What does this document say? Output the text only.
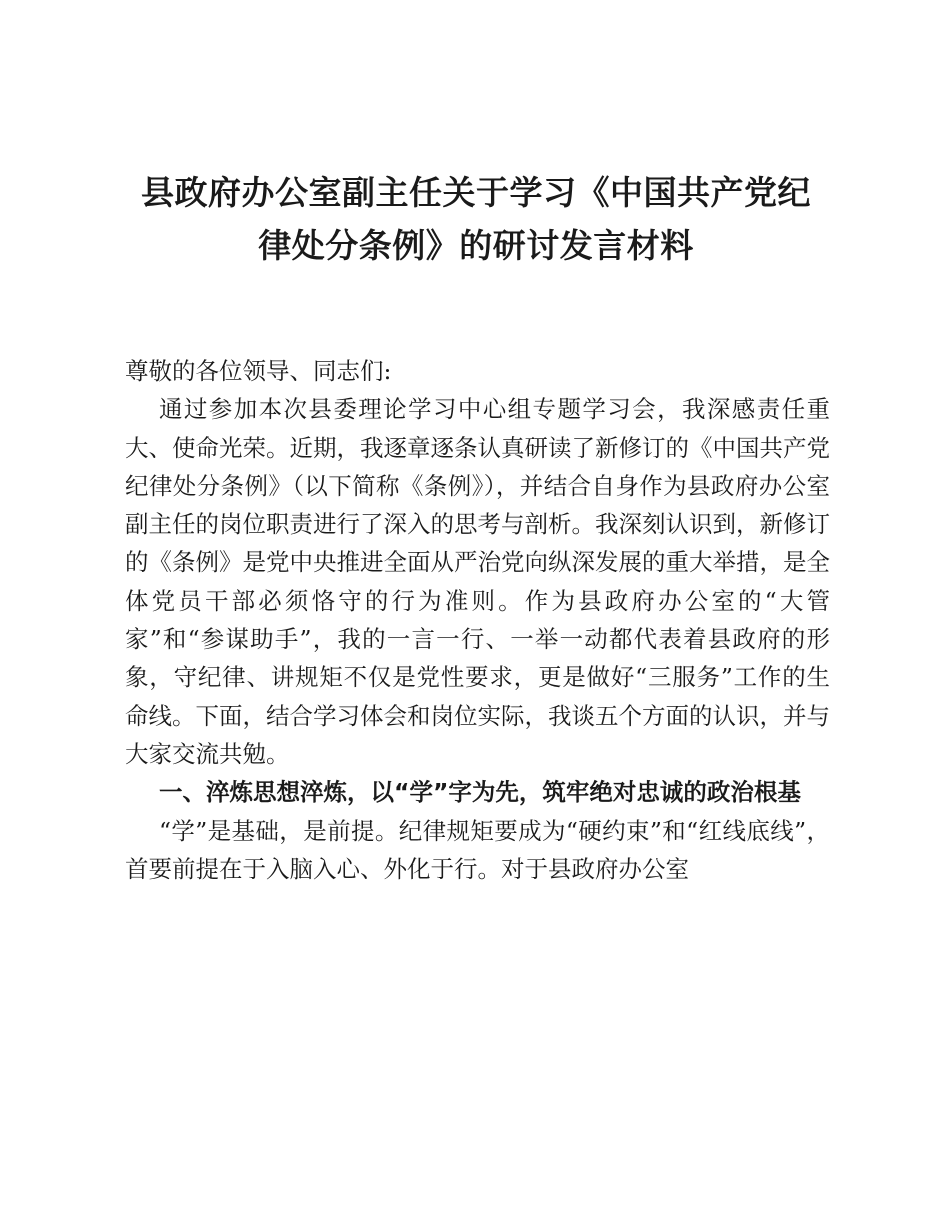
县政府办公室副主任关于学习《中国共产党纪
律处分条例》的研讨发言材料

尊敬的各位领导、同志们:

通过参加本次县委理论学习中心组专题学习会，我深感责任重大、使命光荣。近期，我逐章逐条认真研读了新修订的《中国共产党纪律处分条例》（以下简称《条例》），并结合自身作为县政府办公室副主任的岗位职责进行了深入的思考与剖析。我深刻认识到，新修订的《条例》是党中央推进全面从严治党向纵深发展的重大举措，是全体党员干部必须恪守的行为准则。作为县政府办公室的“大管家”和“参谋助手”，我的一言一行、一举一动都代表着县政府的形象，守纪律、讲规矩不仅是党性要求，更是做好“三服务”工作的生命线。下面，结合学习体会和岗位实际，我谈五个方面的认识，并与大家交流共勉。

一、淬炼思想淬炼，以“学”字为先，筑牢绝对忠诚的政治根基

“学”是基础，是前提。纪律规矩要成为“硬约束”和“红线底线”，首要前提在于入脑入心、外化于行。对于县政府办公室
